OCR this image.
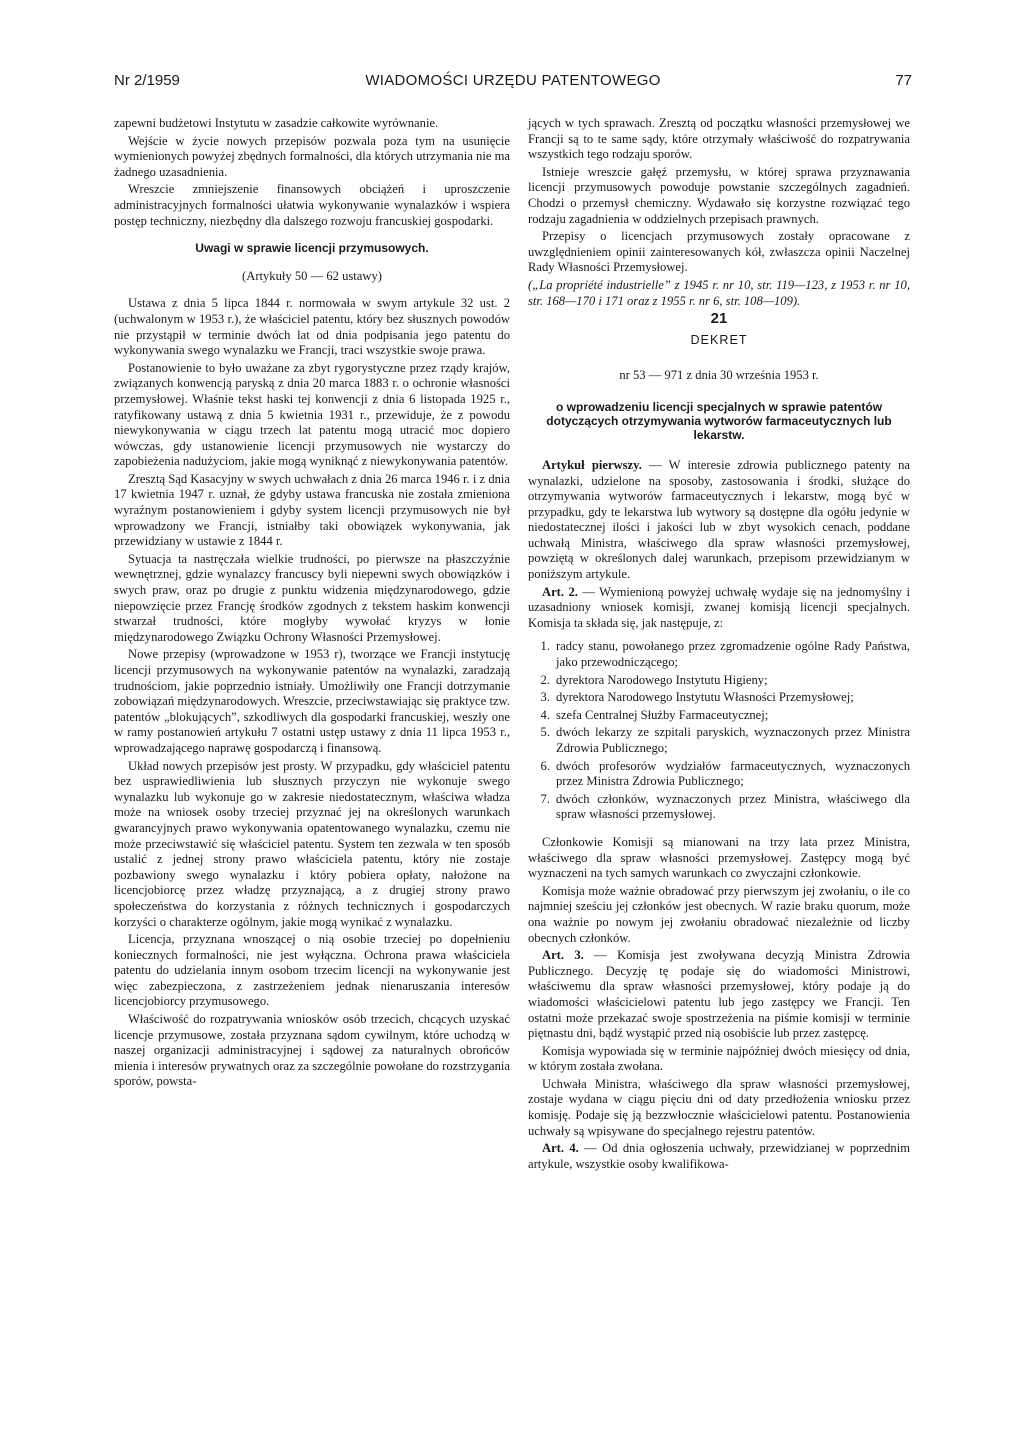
Nr 2/1959	WIADOMOŚCI URZĘDU PATENTOWEGO	77

zapewni budżetowi Instytutu w zasadzie całkowite wyrównanie.

Wejście w życie nowych przepisów pozwala poza tym na usunięcie wymienionych powyżej zbędnych formalności, dla których utrzymania nie ma żadnego uzasadnienia.

Wreszcie zmniejszenie finansowych obciążeń i uproszczenie administracyjnych formalności ułatwia wykonywanie wynalazków i wspiera postęp techniczny, niezbędny dla dalszego rozwoju francuskiej gospodarki.

Uwagi w sprawie licencji przymusowych.
(Artykuły 50 — 62 ustawy)

Ustawa z dnia 5 lipca 1844 r. normowała w swym artykule 32 ust. 2 (uchwalonym w 1953 r.), że właściciel patentu, który bez słusznych powodów nie przystąpił w terminie dwóch lat od dnia podpisania jego patentu do wykonywania swego wynalazku we Francji, traci wszystkie swoje prawa.

Postanowienie to było uważane za zbyt rygorystyczne przez rządy krajów, związanych konwencją paryską z dnia 20 marca 1883 r. o ochronie własności przemysłowej. Właśnie tekst haski tej konwencji z dnia 6 listopada 1925 r., ratyfikowany ustawą z dnia 5 kwietnia 1931 r., przewiduje, że z powodu niewykonywania w ciągu trzech lat patentu mogą utracić moc dopiero wówczas, gdy ustanowienie licencji przymusowych nie wystarczy do zapobieżenia nadużyciom, jakie mogą wyniknąć z niewykonywania patentów.

Zresztą Sąd Kasacyjny w swych uchwałach z dnia 26 marca 1946 r. i z dnia 17 kwietnia 1947 r. uznał, że gdyby ustawa francuska nie została zmieniona wyraźnym postanowieniem i gdyby system licencji przymusowych nie był wprowadzony we Francji, istniałby taki obowiązek wykonywania, jak przewidziany w ustawie z 1844 r.

Sytuacja ta nastręczała wielkie trudności, po pierwsze na płaszczyźnie wewnętrznej, gdzie wynalazcy francuscy byli niepewni swych obowiązków i swych praw, oraz po drugie z punktu widzenia międzynarodowego, gdzie niepowzięcie przez Francję środków zgodnych z tekstem haskim konwencji stwarzał trudności, które mogłyby wywołać kryzys w łonie międzynarodowego Związku Ochrony Własności Przemysłowej.

Nowe przepisy (wprowadzone w 1953 r), tworzące we Francji instytucję licencji przymusowych na wykonywanie patentów na wynalazki, zaradzają trudnościom, jakie poprzednio istniały. Umożliwiły one Francji dotrzymanie zobowiązań międzynarodowych. Wreszcie, przeciwstawiając się praktyce tzw. patentów „blokujących”, szkodliwych dla gospodarki francuskiej, weszły one w ramy postanowień artykułu 7 ostatni ustęp ustawy z dnia 11 lipca 1953 r., wprowadzającego naprawę gospodarczą i finansową.

Układ nowych przepisów jest prosty. W przypadku, gdy właściciel patentu bez usprawiedliwienia lub słusznych przyczyn nie wykonuje swego wynalazku lub wykonuje go w zakresie niedostatecznym, właściwa władza może na wniosek osoby trzeciej przyznać jej na określonych warunkach gwarancyjnych prawo wykonywania opatentowanego wynalazku, czemu nie może przeciwstawić się właściciel patentu. System ten zezwala w ten sposób ustalić z jednej strony prawo właściciela patentu, który nie zostaje pozbawiony swego wynalazku i który pobiera opłaty, nałożone na licencjobiorcę przez władzę przyznającą, a z drugiej strony prawo społeczeństwa do korzystania z różnych technicznych i gospodarczych korzyści o charakterze ogólnym, jakie mogą wynikać z wynalazku.

Licencja, przyznana wnoszącej o nią osobie trzeciej po dopełnieniu koniecznych formalności, nie jest wyłączna. Ochrona prawa właściciela patentu do udzielania innym osobom trzecim licencji na wykonywanie jest więc zabezpieczona, z zastrzeżeniem jednak nienaruszania interesów licencjobiorcy przymusowego.

Właściwość do rozpatrywania wniosków osób trzecich, chcących uzyskać licencje przymusowe, została przyznana sądom cywilnym, które uchodzą w naszej organizacji administracyjnej i sądowej za naturalnych obrońców mienia i interesów prywatnych oraz za szczególnie powołane do rozstrzygania sporów, powsta-

jących w tych sprawach. Zresztą od początku własności przemysłowej we Francji są to te same sądy, które otrzymały właściwość do rozpatrywania wszystkich tego rodzaju sporów.

Istnieje wreszcie gałęź przemysłu, w której sprawa przyznawania licencji przymusowych powoduje powstanie szczególnych zagadnień. Chodzi o przemysł chemiczny. Wydawało się korzystne rozwiązać tego rodzaju zagadnienia w oddzielnych przepisach prawnych.

Przepisy o licencjach przymusowych zostały opracowane z uwzględnieniem opinii zainteresowanych kół, zwłaszcza opinii Naczelnej Rady Własności Przemysłowej.

(„La propriété industrielle” z 1945 r. nr 10, str. 119—123, z 1953 r. nr 10, str. 168—170 i 171 oraz z 1955 r. nr 6, str. 108—109).

21
DEKRET
nr 53 — 971 z dnia 30 września 1953 r.
o wprowadzeniu licencji specjalnych w sprawie patentów dotyczących otrzymywania wytworów farmaceutycznych lub lekarstw.

Artykuł pierwszy. — W interesie zdrowia publicznego patenty na wynalazki, udzielone na sposoby, zastosowania i środki, służące do otrzymywania wytworów farmaceutycznych i lekarstw, mogą być w przypadku, gdy te lekarstwa lub wytwory są dostępne dla ogółu jedynie w niedostatecznej ilości i jakości lub w zbyt wysokich cenach, poddane uchwałą Ministra, właściwego dla spraw własności przemysłowej, powziętą w określonych dalej warunkach, przepisom przewidzianym w poniższym artykule.

Art. 2. — Wymienioną powyżej uchwałę wydaje się na jednomyślny i uzasadniony wniosek komisji, zwanej komisją licencji specjalnych. Komisja ta składa się, jak następuje, z:

1. radcy stanu, powołanego przez zgromadzenie ogólne Rady Państwa, jako przewodniczącego;
2. dyrektora Narodowego Instytutu Higieny;
3. dyrektora Narodowego Instytutu Własności Przemysłowej;
4. szefa Centralnej Służby Farmaceutycznej;
5. dwóch lekarzy ze szpitali paryskich, wyznaczonych przez Ministra Zdrowia Publicznego;
6. dwóch profesorów wydziałów farmaceutycznych, wyznaczonych przez Ministra Zdrowia Publicznego;
7. dwóch członków, wyznaczonych przez Ministra, właściwego dla spraw własności przemysłowej.

Członkowie Komisji są mianowani na trzy lata przez Ministra, właściwego dla spraw własności przemysłowej. Zastępcy mogą być wyznaczeni na tych samych warunkach co zwyczajni członkowie.

Komisja może ważnie obradować przy pierwszym jej zwołaniu, o ile co najmniej sześciu jej członków jest obecnych. W razie braku quorum, może ona ważnie po nowym jej zwołaniu obradować niezależnie od liczby obecnych członków.

Art. 3. — Komisja jest zwoływana decyzją Ministra Zdrowia Publicznego. Decyzję tę podaje się do wiadomości Ministrowi, właściwemu dla spraw własności przemysłowej, który podaje ją do wiadomości właścicielowi patentu lub jego zastępcy we Francji. Ten ostatni może przekazać swoje spostrzeżenia na piśmie komisji w terminie piętnastu dni, bądź wystąpić przed nią osobiście lub przez zastępcę.

Komisja wypowiada się w terminie najpóźniej dwóch miesięcy od dnia, w którym została zwołana.

Uchwała Ministra, właściwego dla spraw własności przemysłowej, zostaje wydana w ciągu pięciu dni od daty przedłożenia wniosku przez komisję. Podaje się ją bezzwłocznie właścicielowi patentu. Postanowienia uchwały są wpisywane do specjalnego rejestru patentów.

Art. 4. — Od dnia ogłoszenia uchwały, przewidzianej w poprzednim artykule, wszystkie osoby kwalifikowa-
